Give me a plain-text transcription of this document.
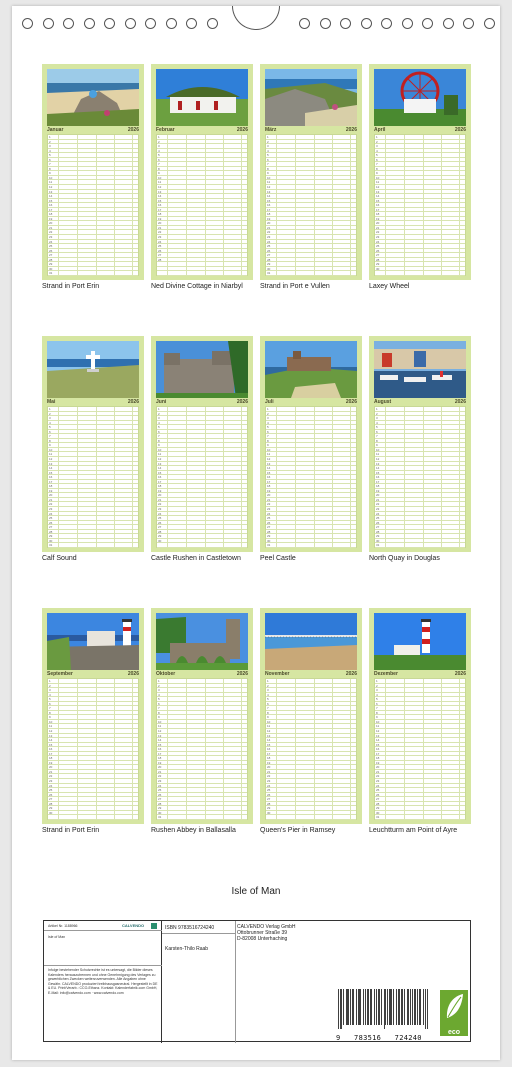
Januar	2026
1
2
3
4
5
6
7
8
9
10
11
12
13
14
15
16
17
18
19
20
21
22
23
24
25
26
27
28
29
30
31
Strand in Port Erin
Februar	2026
1
2
3
4
5
6
7
8
9
10
11
12
13
14
15
16
17
18
19
20
21
22
23
24
25
26
27
28
Ned Divine Cottage in Niarbyl
März	2026
1
2
3
4
5
6
7
8
9
10
11
12
13
14
15
16
17
18
19
20
21
22
23
24
25
26
27
28
29
30
31
Strand in Port e Vullen
April	2026
1
2
3
4
5
6
7
8
9
10
11
12
13
14
15
16
17
18
19
20
21
22
23
24
25
26
27
28
29
30
Laxey Wheel
Mai	2026
1
2
3
4
5
6
7
8
9
10
11
12
13
14
15
16
17
18
19
20
21
22
23
24
25
26
27
28
29
30
31
Calf Sound
Juni	2026
1
2
3
4
5
6
7
8
9
10
11
12
13
14
15
16
17
18
19
20
21
22
23
24
25
26
27
28
29
30
Castle Rushen in Castletown
Juli	2026
1
2
3
4
5
6
7
8
9
10
11
12
13
14
15
16
17
18
19
20
21
22
23
24
25
26
27
28
29
30
31
Peel Castle
August	2026
1
2
3
4
5
6
7
8
9
10
11
12
13
14
15
16
17
18
19
20
21
22
23
24
25
26
27
28
29
30
31
North Quay in Douglas
September	2026
1
2
3
4
5
6
7
8
9
10
11
12
13
14
15
16
17
18
19
20
21
22
23
24
25
26
27
28
29
30
Strand in Port Erin
Oktober	2026
1
2
3
4
5
6
7
8
9
10
11
12
13
14
15
16
17
18
19
20
21
22
23
24
25
26
27
28
29
30
31
Rushen Abbey in Ballasalla
November	2026
1
2
3
4
5
6
7
8
9
10
11
12
13
14
15
16
17
18
19
20
21
22
23
24
25
26
27
28
29
30
Queen's Pier in Ramsey
Dezember	2026
1
2
3
4
5
6
7
8
9
10
11
12
13
14
15
16
17
18
19
20
21
22
23
24
25
26
27
28
29
30
31
Leuchtturm am Point of Ayre
Isle of Man
Artikel Nr. 1188966	CALVENDO
Isle of Man
Infolge bestehender Schutzrechte ist es untersagt, die Bilder dieses Kalenders herauszutrennen und ohne Genehmigung des Verlages zu gewerblichen Zwecken weiterzuverwenden. Alle Angaben ohne Gewähr. CALVENDO produziert treibhausgasneutral. Hergestellt in DE & EU. Print/Verarb.: CCO-Ethanz. Kontakt: Kalenderfabrik.com GmbH, E-Mail: info@calvendo.com · www.calvendo.com
ISBN 9783516724240
Karsten-Thilo Raab
CALVENDO Verlag GmbH
Ottobrunner Straße 39
D-82008 Unterhaching
9   783516   724240
eco
